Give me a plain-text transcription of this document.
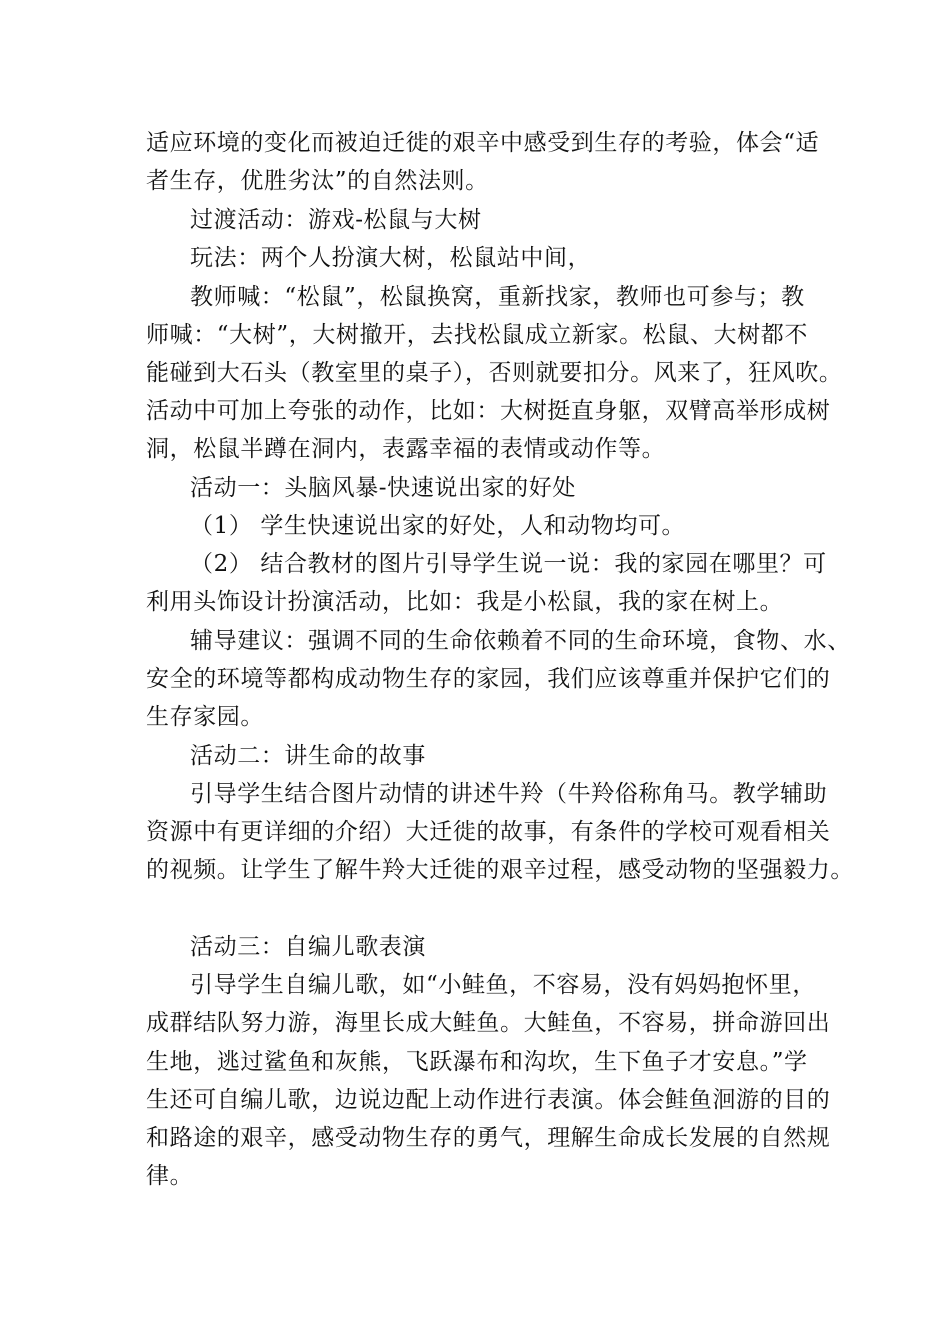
适应环境的变化而被迫迁徙的艰辛中感受到生存的考验，体会“适
者生存，优胜劣汰”的自然法则。
过渡活动：游戏-松鼠与大树
玩法：两个人扮演大树，松鼠站中间，
教师喊：“松鼠”，松鼠换窝，重新找家，教师也可参与；教
师喊：“大树”，大树撤开，去找松鼠成立新家。松鼠、大树都不
能碰到大石头（教室里的桌子），否则就要扣分。风来了，狂风吹。
活动中可加上夸张的动作，比如：大树挺直身躯，双臂高举形成树
洞，松鼠半蹲在洞内，表露幸福的表情或动作等。
活动一：头脑风暴-快速说出家的好处
（1） 学生快速说出家的好处，人和动物均可。
（2） 结合教材的图片引导学生说一说：我的家园在哪里？可
利用头饰设计扮演活动，比如：我是小松鼠，我的家在树上。
辅导建议：强调不同的生命依赖着不同的生命环境，食物、水、
安全的环境等都构成动物生存的家园，我们应该尊重并保护它们的
生存家园。
活动二：讲生命的故事
引导学生结合图片动情的讲述牛羚（牛羚俗称角马。教学辅助
资源中有更详细的介绍）大迁徙的故事，有条件的学校可观看相关
的视频。让学生了解牛羚大迁徙的艰辛过程，感受动物的坚强毅力。
活动三：自编儿歌表演
引导学生自编儿歌，如“小鲑鱼，不容易，没有妈妈抱怀里，
成群结队努力游，海里长成大鲑鱼。大鲑鱼，不容易，拼命游回出
生地，逃过鲨鱼和灰熊，飞跃瀑布和沟坎，生下鱼子才安息。”学
生还可自编儿歌，边说边配上动作进行表演。体会鲑鱼洄游的目的
和路途的艰辛，感受动物生存的勇气，理解生命成长发展的自然规
律。
